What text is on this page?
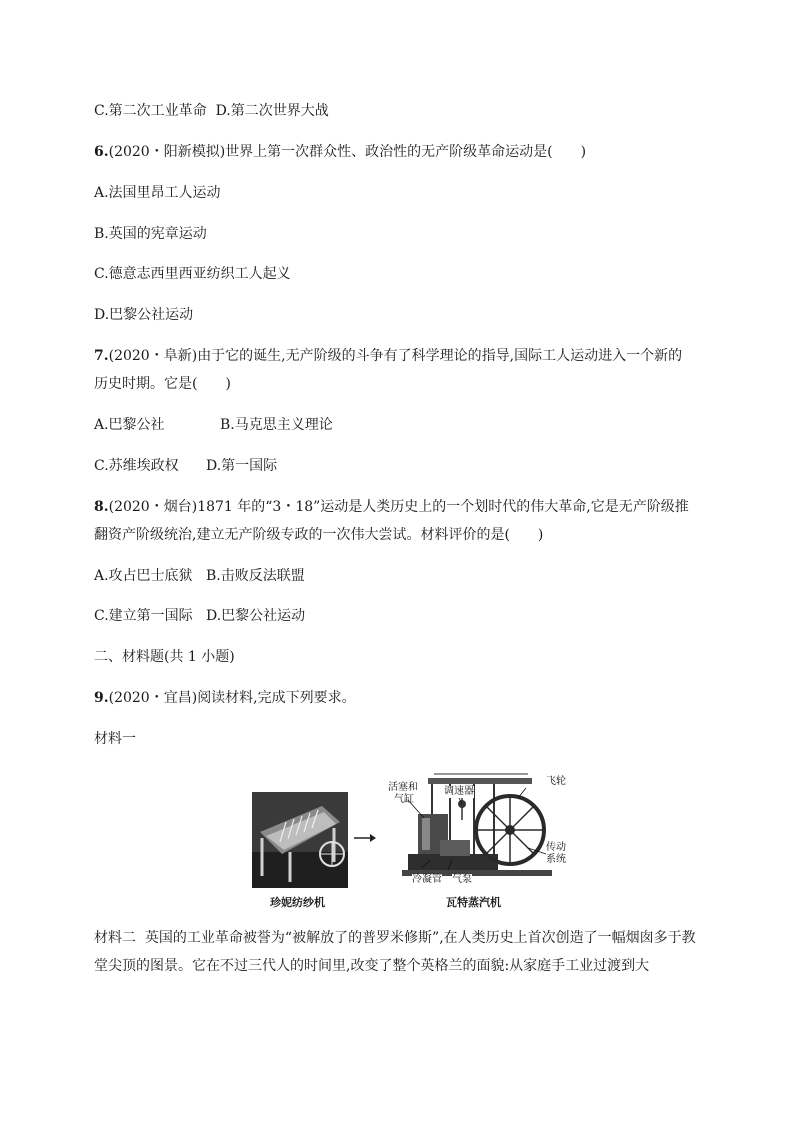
C.第二次工业革命 D.第二次世界大战

6.(2020・阳新模拟)世界上第一次群众性、政治性的无产阶级革命运动是(　　)

A.法国里昂工人运动

B.英国的宪章运动

C.德意志西里西亚纺织工人起义

D.巴黎公社运动

7.(2020・阜新)由于它的诞生,无产阶级的斗争有了科学理论的指导,国际工人运动进入一个新的

历史时期。它是(　　)

A.巴黎公社	B.马克思主义理论

C.苏维埃政权 D.第一国际

8.(2020・烟台)1871 年的“3・18”运动是人类历史上的一个划时代的伟大革命,它是无产阶级推

翻资产阶级统治,建立无产阶级专政的一次伟大尝试。材料评价的是(　　)

A.攻占巴士底狱 B.击败反法联盟

C.建立第一国际 D.巴黎公社运动

二、材料题(共 1 小题)

9.(2020・宜昌)阅读材料,完成下列要求。

材料一

活塞和
气缸
调速器
飞轮
传动
系统
冷凝管 气泵
珍妮纺纱机	瓦特蒸汽机

材料二 英国的工业革命被誉为“被解放了的普罗米修斯”,在人类历史上首次创造了一幅烟囱多于教堂尖顶的图景。它在不过三代人的时间里,改变了整个英格兰的面貌:从家庭手工业过渡到大
